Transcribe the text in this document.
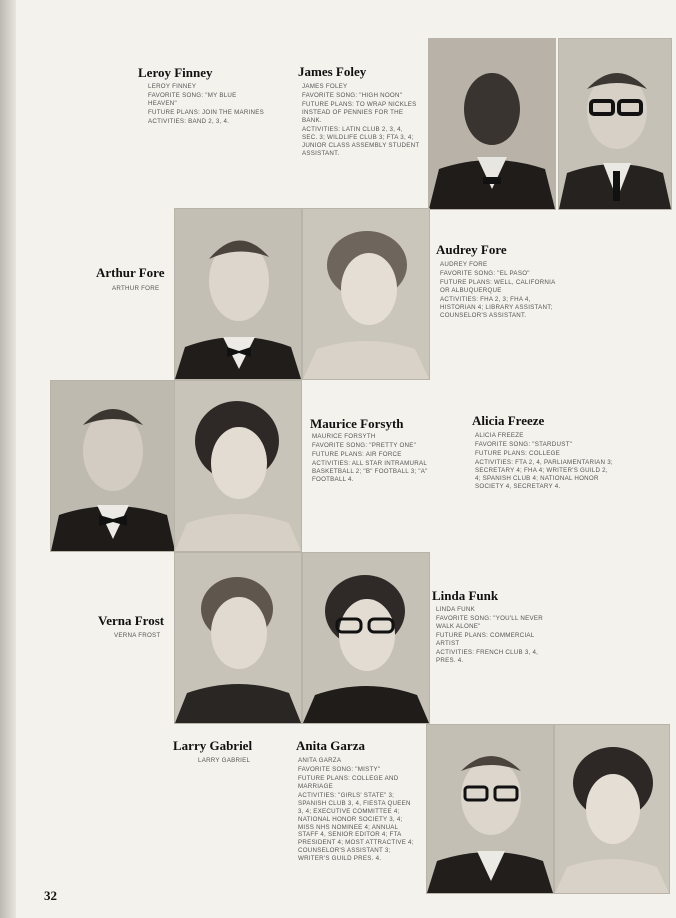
Leroy Finney
LEROY FINNEY
FAVORITE SONG: "MY BLUE HEAVEN"
FUTURE PLANS: JOIN THE MARINES
ACTIVITIES: BAND 2, 3, 4.
James Foley
JAMES FOLEY
FAVORITE SONG: "HIGH NOON"
FUTURE PLANS: TO WRAP NICKLES INSTEAD OF PENNIES FOR THE BANK.
ACTIVITIES: LATIN CLUB 2, 3, 4, SEC. 3; WILDLIFE CLUB 3; FTA 3, 4; JUNIOR CLASS ASSEMBLY STUDENT ASSISTANT.
Arthur Fore
ARTHUR FORE
Audrey Fore
AUDREY FORE
FAVORITE SONG: "EL PASO"
FUTURE PLANS: WELL, CALIFORNIA OR ALBUQUERQUE
ACTIVITIES: FHA 2, 3; FHA 4, HISTORIAN 4; LIBRARY ASSISTANT; COUNSELOR'S ASSISTANT.
Maurice Forsyth
MAURICE FORSYTH
FAVORITE SONG: "PRETTY ONE"
FUTURE PLANS: AIR FORCE
ACTIVITIES: ALL STAR INTRAMURAL BASKETBALL 2; "B" FOOTBALL 3; "A" FOOTBALL 4.
Alicia Freeze
ALICIA FREEZE
FAVORITE SONG: "STARDUST"
FUTURE PLANS: COLLEGE
ACTIVITIES: FTA 2, 4, PARLIAMENTARIAN 3; SECRETARY 4; FHA 4; WRITER'S GUILD 2, 4; SPANISH CLUB 4; NATIONAL HONOR SOCIETY 4, SECRETARY 4.
Verna Frost
VERNA FROST
Linda Funk
LINDA FUNK
FAVORITE SONG: "YOU'LL NEVER WALK ALONE"
FUTURE PLANS: COMMERCIAL ARTIST
ACTIVITIES: FRENCH CLUB 3, 4, PRES. 4.
Larry Gabriel
LARRY GABRIEL
Anita Garza
ANITA GARZA
FAVORITE SONG: "MISTY"
FUTURE PLANS: COLLEGE AND MARRIAGE
ACTIVITIES: "GIRLS' STATE" 3; SPANISH CLUB 3, 4, FIESTA QUEEN 3, 4; EXECUTIVE COMMITTEE 4; NATIONAL HONOR SOCIETY 3, 4; MISS NHS NOMINEE 4; ANNUAL STAFF 4, SENIOR EDITOR 4; FTA PRESIDENT 4; MOST ATTRACTIVE 4; COUNSELOR'S ASSISTANT 3; WRITER'S GUILD PRES. 4.
32
